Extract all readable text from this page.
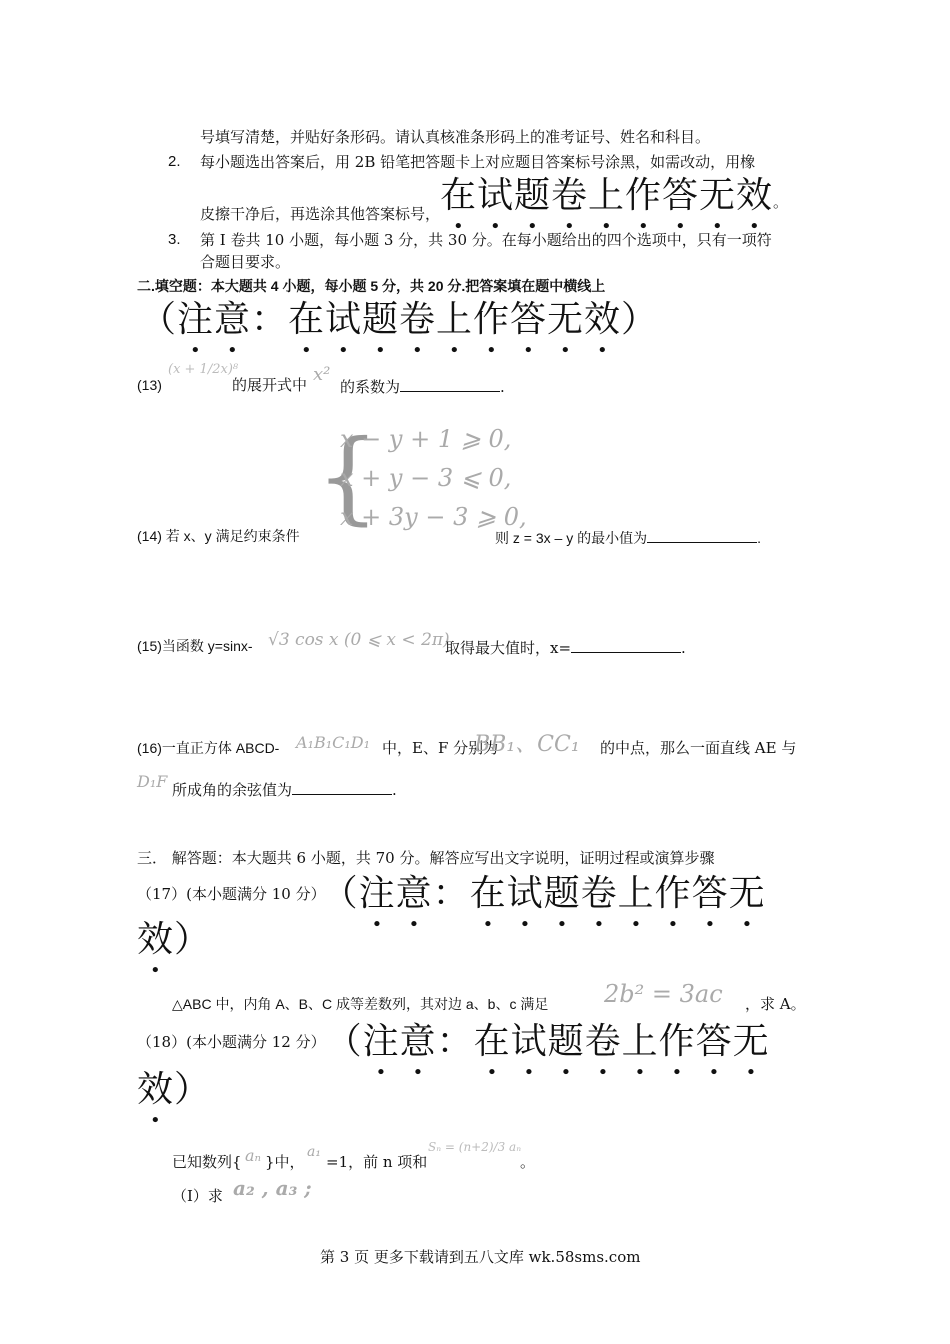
号填写清楚，并贴好条形码。请认真核准条形码上的准考证号、姓名和科目。
2. 每小题选出答案后，用 2B 铅笔把答题卡上对应题目答案标号涂黑，如需改动，用橡
皮擦干净后，再选涂其他答案标号，在试题卷上作答无效。
3. 第 I 卷共 10 小题，每小题 3 分，共 30 分。在每小题给出的四个选项中，只有一项符
合题目要求。
二.填空题：本大题共 4 小题，每小题 5 分，共 20 分.把答案填在题中横线上
（注意：在试题卷上作答无效）
(13)
(x + 1/2x)⁸
的展开式中 x²
的系数为	.
{
x − y + 1 ⩾ 0,
x + y − 3 ⩽ 0,
x + 3y − 3 ⩾ 0,
(14) 若 x、y 满足约束条件	则 z = 3x – y 的最小值为	.
(15)当函数 y=sinx- √3 cos x (0 ⩽ x < 2π)
取得最大值时，x=	.
(16)一直正方体 ABCD- A₁B₁C₁D₁ 中，E、F 分别为
BB₁、CC₁ 的中点，那么一面直线 AE 与
D₁F 所成角的余弦值为	.
三． 解答题：本大题共 6 小题，共 70 分。解答应写出文字说明，证明过程或演算步骤
（17）(本小题满分 10 分） （注意：在试题卷上作答无
效）
△ABC 中，内角 A、B、C 成等差数列，其对边 a、b、c 满足 2b² = 3ac ，求 A。
（18）(本小题满分 12 分） （注意：在试题卷上作答无
效）
已知数列{ aₙ }中，
a₁
=1，前 n 项和
Sₙ = (n+2)/3 aₙ
。
（Ⅰ）求 a₂ , a₃ ;
第 3 页 更多下载请到五八文库 wk.58sms.com
